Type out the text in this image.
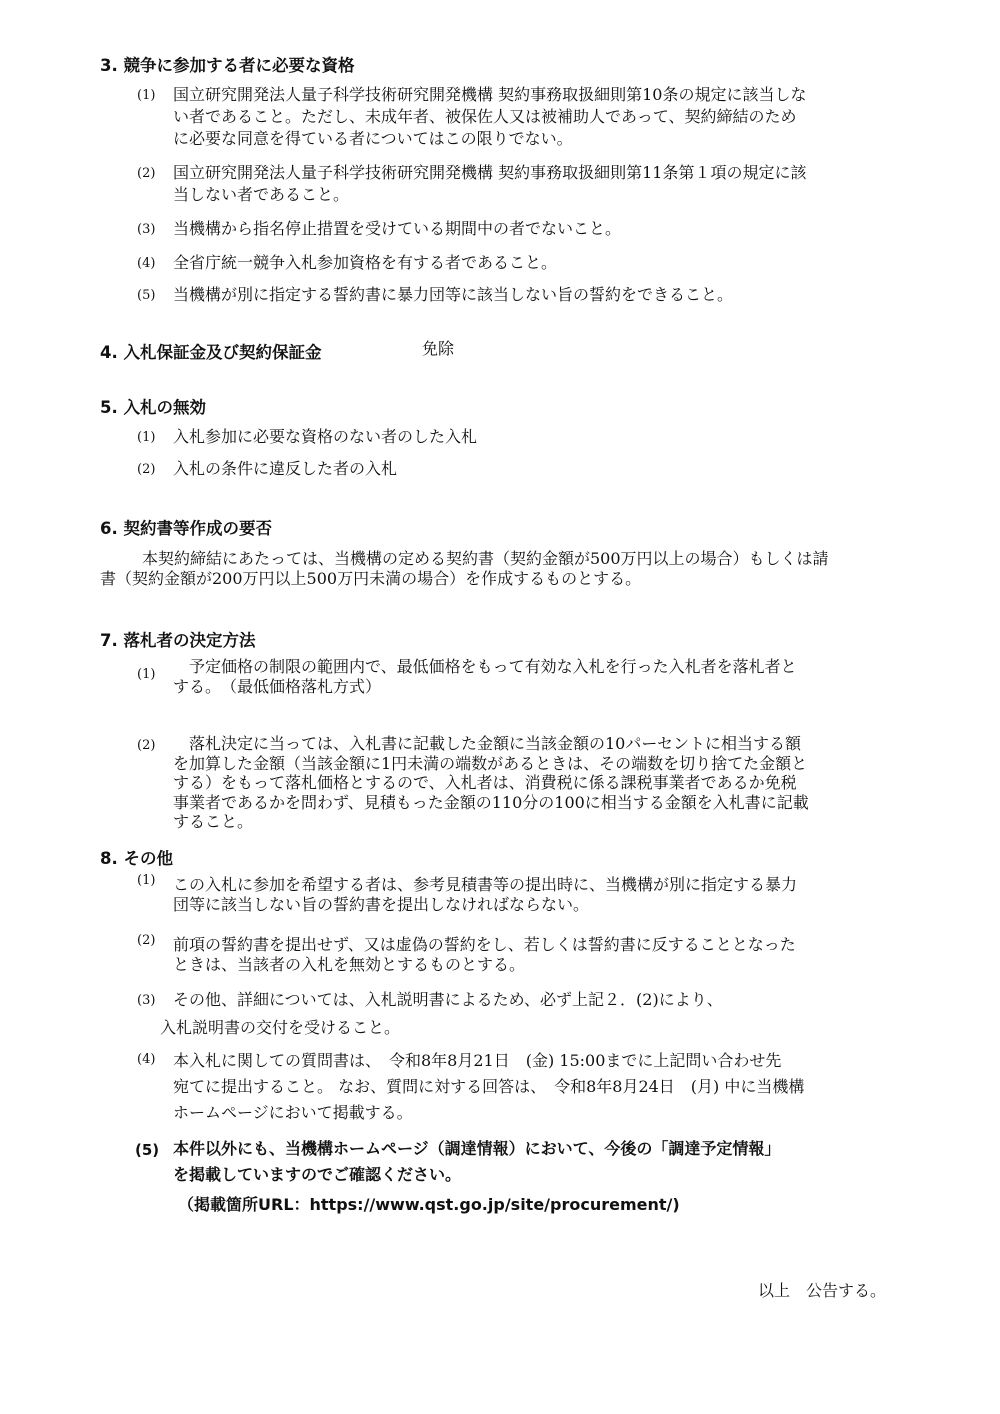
3. 競争に参加する者に必要な資格
(1) 国立研究開発法人量子科学技術研究開発機構 契約事務取扱細則第10条の規定に該当しな
い者であること。ただし、未成年者、被保佐人又は被補助人であって、契約締結のため
に必要な同意を得ている者についてはこの限りでない。
(2) 国立研究開発法人量子科学技術研究開発機構 契約事務取扱細則第11条第１項の規定に該
当しない者であること。
(3) 当機構から指名停止措置を受けている期間中の者でないこと。
(4) 全省庁統一競争入札参加資格を有する者であること。
(5) 当機構が別に指定する誓約書に暴力団等に該当しない旨の誓約をできること。
4. 入札保証金及び契約保証金	免除
5. 入札の無効
(1) 入札参加に必要な資格のない者のした入札
(2) 入札の条件に違反した者の入札
6. 契約書等作成の要否
本契約締結にあたっては、当機構の定める契約書（契約金額が500万円以上の場合）もしくは請
書（契約金額が200万円以上500万円未満の場合）を作成するものとする。
7. 落札者の決定方法
(1)	　予定価格の制限の範囲内で、最低価格をもって有効な入札を行った入札者を落札者と
する。　（最低価格落札方式）
(2)	　落札決定に当っては、入札書に記載した金額に当該金額の10パーセントに相当する額
を加算した金額（当該金額に1円未満の端数があるときは、その端数を切り捨てた金額と
する）をもって落札価格とするので、入札者は、消費税に係る課税事業者であるか免税
事業者であるかを問わず、見積もった金額の110分の100に相当する金額を入札書に記載
すること。
8. その他
(1) この入札に参加を希望する者は、参考見積書等の提出時に、当機構が別に指定する暴力
団等に該当しない旨の誓約書を提出しなければならない。
(2) 前項の誓約書を提出せず、又は虚偽の誓約をし、若しくは誓約書に反することとなった
ときは、当該者の入札を無効とするものとする。
(3) その他、詳細については、入札説明書によるため、必ず上記２．(2)により、
入札説明書の交付を受けること。
(4) 本入札に関しての質問書は、　令和8年8月21日　(金) 15:00までに上記問い合わせ先
宛てに提出すること。 なお、質問に対する回答は、　令和8年8月24日　(月) 中に当機構
ホームページにおいて掲載する。
(5) 本件以外にも、当機構ホームページ（調達情報）において、今後の「調達予定情報」
を掲載していますのでご確認ください。
（掲載箇所URL：https://www.qst.go.jp/site/procurement/)
以上　公告する。
